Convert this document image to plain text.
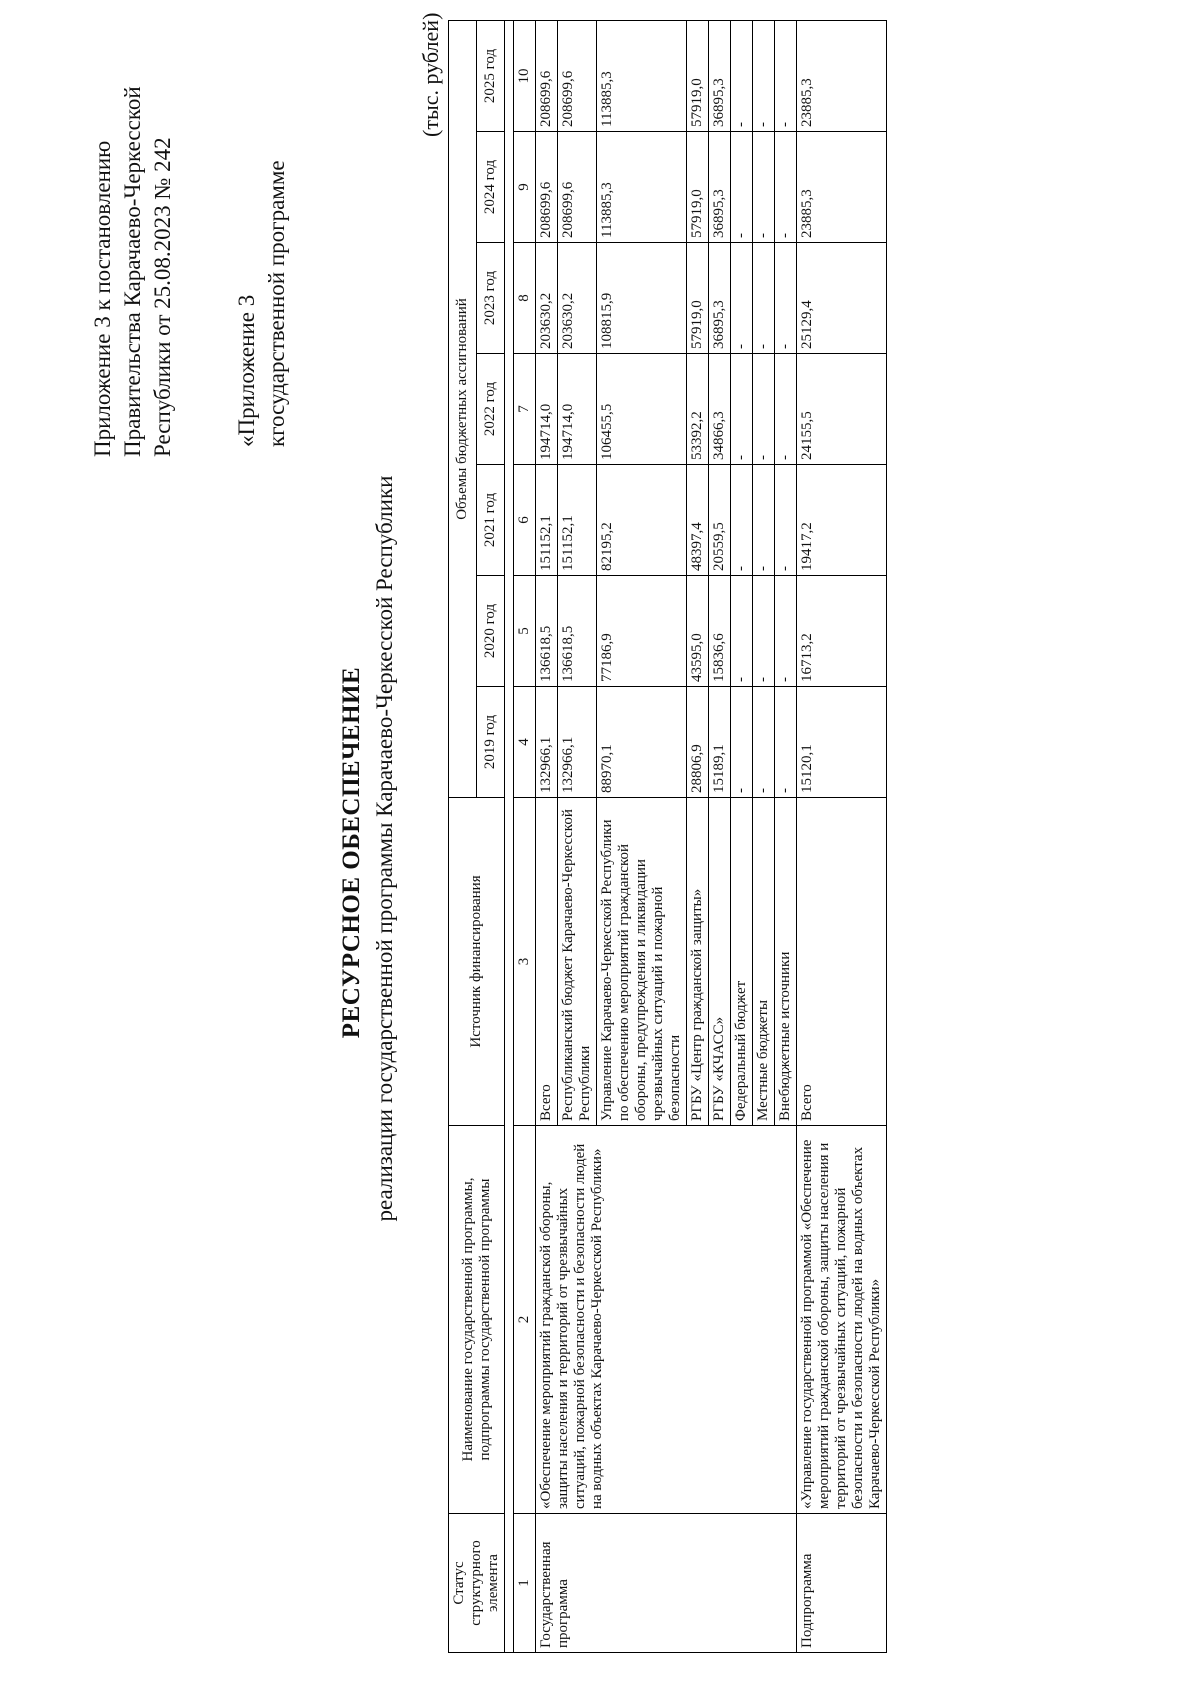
Приложение 3 к постановлению Правительства Карачаево-Черкесской Республики от 25.08.2023 № 242	«Приложение 3 кгосударственной программе
РЕСУРСНОЕ ОБЕСПЕЧЕНИЕ реализации государственной программы Карачаево-Черкесской Республики
(тыс. рублей)
Статус структурного элемента	Наименование государственной программы, подпрограммы государственной программы	Источник финансирования	Объемы бюджетных ассигнований						
			2019 год	2020 год	2021 год	2022 год	2023 год	2024 год	2025 год

1	2	3	4	5	6	7	8	9	10
Государственная программа	«Обеспечение мероприятий гражданской обороны, защиты населения и территорий от чрезвычайных ситуаций, пожарной безопасности и безопасности людей на водных объектах Карачаево-Черкесской Республики»	Всего	132966,1	136618,5	151152,1	194714,0	203630,2	208699,6	208699,6
		Республиканский бюджет Карачаево-Черкесской Республики	132966,1	136618,5	151152,1	194714,0	203630,2	208699,6	208699,6
		Управление Карачаево-Черкесской Республики по обеспечению мероприятий гражданской обороны, предупреждения и ликвидации чрезвычайных ситуаций и пожарной безопасности	88970,1	77186,9	82195,2	106455,5	108815,9	113885,3	113885,3
		РГБУ «Центр гражданской защиты»	28806,9	43595,0	48397,4	53392,2	57919,0	57919,0	57919,0
		РГБУ «КЧАСС»	15189,1	15836,6	20559,5	34866,3	36895,3	36895,3	36895,3
		Федеральный бюджет	-	-	-	-	-	-	-
		Местные бюджеты	-	-	-	-	-	-	-
		Внебюджетные источники	-	-	-	-	-	-	-
Подпрограмма	«Управление государственной программой «Обеспечение мероприятий гражданской обороны, защиты населения и территорий от чрезвычайных ситуаций, пожарной безопасности и безопасности людей на водных объектах Карачаево-Черкесской Республики»	Всего	15120,1	16713,2	19417,2	24155,5	25129,4	23885,3	23885,3
